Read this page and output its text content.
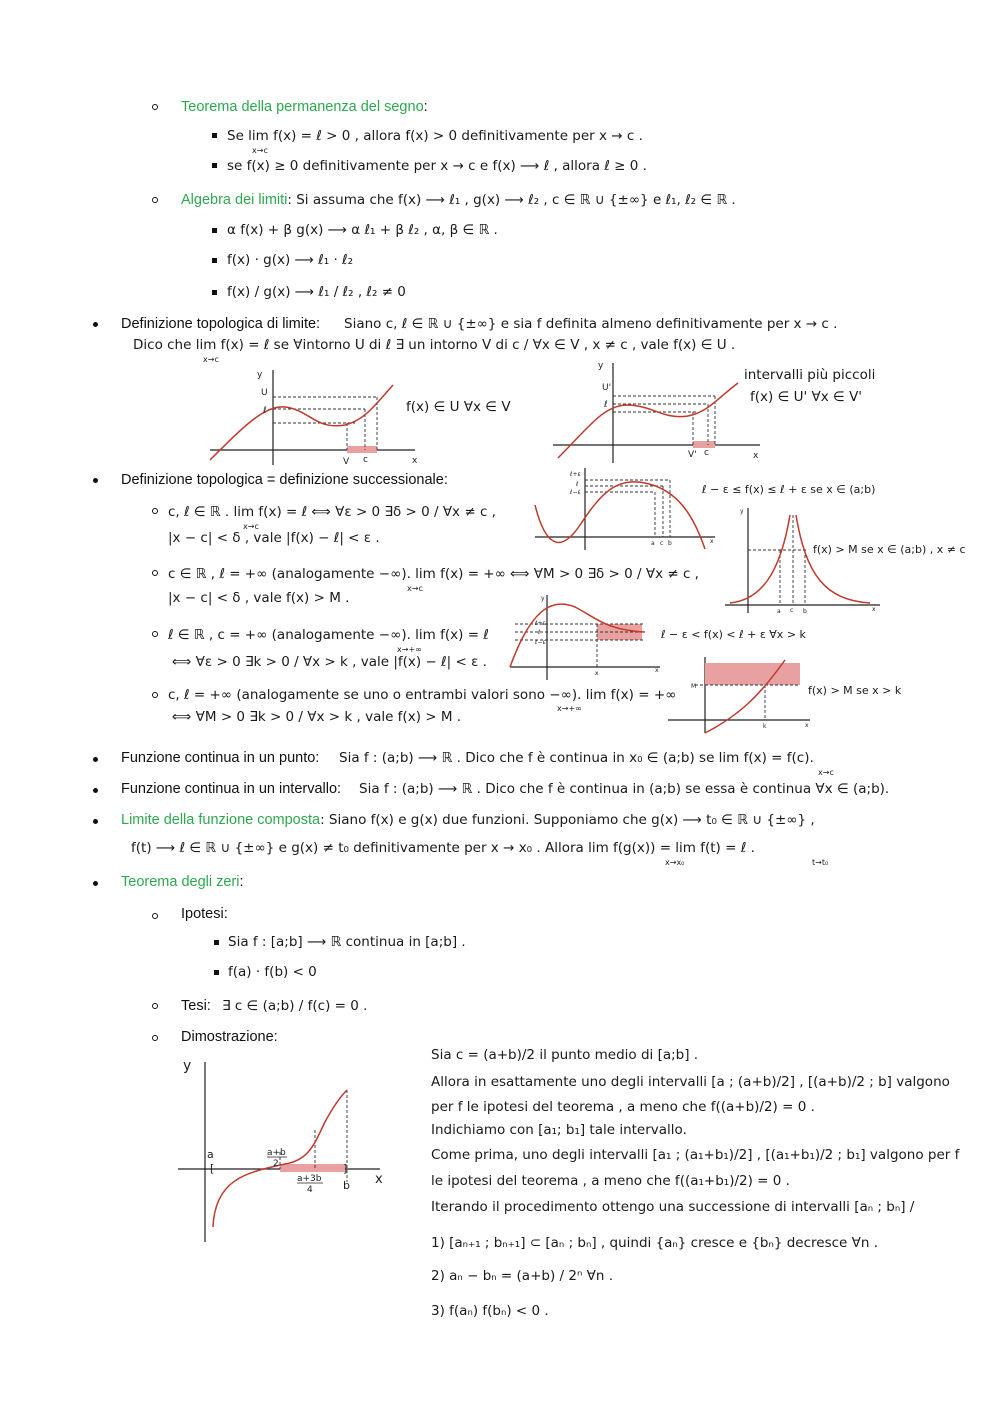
Teorema della permanenza del segno:
Se lim f(x) = ℓ > 0 , allora f(x) > 0 definitivamente per x → c .
x→c
se f(x) ≥ 0 definitivamente per x → c e f(x) ⟶ ℓ , allora ℓ ≥ 0 .
Algebra dei limiti: Si assuma che f(x) ⟶ ℓ₁ , g(x) ⟶ ℓ₂ , c ∈ ℝ ∪ {±∞} e ℓ₁, ℓ₂ ∈ ℝ .
α f(x) + β g(x) ⟶ α ℓ₁ + β ℓ₂ , α, β ∈ ℝ .
f(x) · g(x) ⟶ ℓ₁ · ℓ₂
f(x) / g(x) ⟶ ℓ₁ / ℓ₂ , ℓ₂ ≠ 0
Definizione topologica di limite: Siano c, ℓ ∈ ℝ ∪ {±∞} e sia f definita almeno definitivamente per x → c .
Dico che lim f(x) = ℓ se ∀intorno U di ℓ ∃ un intorno V di c / ∀x ∈ V , x ≠ c , vale f(x) ∈ U .
x→c
y
U
ℓ
V c	x
f(x) ∈ U ∀x ∈ V
y
U'
ℓ
V' c	x
intervalli più piccoli
f(x) ∈ U' ∀x ∈ V'
Definizione topologica = definizione successionale:
c, ℓ ∈ ℝ . lim f(x) = ℓ ⟺ ∀ε > 0 ∃δ > 0 / ∀x ≠ c ,
x→c
|x − c| < δ , vale |f(x) − ℓ| < ε .
c ∈ ℝ , ℓ = +∞ (analogamente −∞). lim f(x) = +∞ ⟺ ∀M > 0 ∃δ > 0 / ∀x ≠ c ,
x→c
|x − c| < δ , vale f(x) > M .
ℓ ∈ ℝ , c = +∞ (analogamente −∞). lim f(x) = ℓ
x→+∞
⟺ ∀ε > 0 ∃k > 0 / ∀x > k , vale |f(x) − ℓ| < ε .
c, ℓ = +∞ (analogamente se uno o entrambi valori sono −∞). lim f(x) = +∞
x→+∞
⟺ ∀M > 0 ∃k > 0 / ∀x > k , vale f(x) > M .
ℓ+ε
ℓ
ℓ−ε
a c b	x
ℓ − ε ≤ f(x) ≤ ℓ + ε se x ∈ (a;b)
y
a c b	x
f(x) > M se x ∈ (a;b) , x ≠ c
y
ℓ+ε
ℓ
ℓ−ε
x	x
ℓ − ε < f(x) < ℓ + ε ∀x > k
M
k	x
f(x) > M se x > k
Funzione continua in un punto: Sia f : (a;b) ⟶ ℝ . Dico che f è continua in x₀ ∈ (a;b) se lim f(x) = f(c).
x→c
Funzione continua in un intervallo: Sia f : (a;b) ⟶ ℝ . Dico che f è continua in (a;b) se essa è continua ∀x ∈ (a;b).
Limite della funzione composta: Siano f(x) e g(x) due funzioni. Supponiamo che g(x) ⟶ t₀ ∈ ℝ ∪ {±∞} ,
f(t) ⟶ ℓ ∈ ℝ ∪ {±∞} e g(x) ≠ t₀ definitivamente per x → x₀ . Allora lim f(g(x)) = lim f(t) = ℓ .
x→x₀	t→t₀
Teorema degli zeri:
Ipotesi:
Sia f : [a;b] ⟶ ℝ continua in [a;b] .
f(a) · f(b) < 0
Tesi: ∃ c ∈ (a;b) / f(c) = 0 .
Dimostrazione:
y
a
[
a+b
2
a+3b
4
]
b x
Sia c = (a+b)/2 il punto medio di [a;b] .
Allora in esattamente uno degli intervalli [a ; (a+b)/2] , [(a+b)/2 ; b] valgono
per f le ipotesi del teorema , a meno che f((a+b)/2) = 0 .
Indichiamo con [a₁; b₁] tale intervallo.
Come prima, uno degli intervalli [a₁ ; (a₁+b₁)/2] , [(a₁+b₁)/2 ; b₁] valgono per f
le ipotesi del teorema , a meno che f((a₁+b₁)/2) = 0 .
Iterando il procedimento ottengo una successione di intervalli [aₙ ; bₙ] /
1) [aₙ₊₁ ; bₙ₊₁] ⊂ [aₙ ; bₙ] , quindi {aₙ} cresce e {bₙ} decresce ∀n .
2) aₙ − bₙ = (a+b) / 2ⁿ ∀n .
3) f(aₙ) f(bₙ) < 0 .
